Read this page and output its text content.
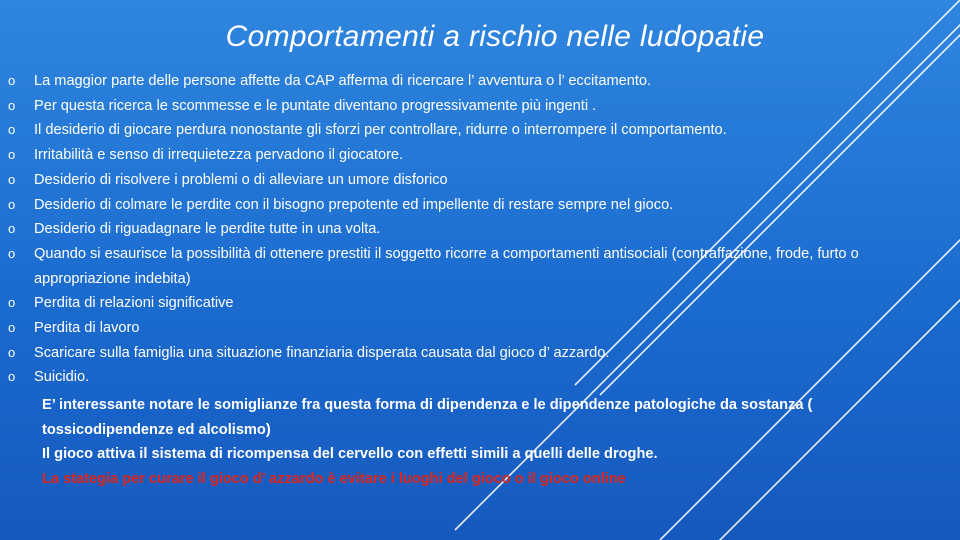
Comportamenti a rischio nelle ludopatie
o La maggior parte delle persone affette da CAP afferma di ricercare l’ avventura o l’ eccitamento.
o Per questa ricerca le scommesse e le puntate diventano progressivamente più ingenti .
o Il desiderio di giocare perdura nonostante gli sforzi per controllare, ridurre o interrompere il comportamento.
o Irritabilità e senso di irrequietezza pervadono il giocatore.
o Desiderio di risolvere i problemi o di alleviare un umore disforico
o Desiderio di colmare le perdite con il bisogno prepotente ed impellente di restare sempre nel gioco.
o Desiderio di riguadagnare le perdite tutte in una volta.
o Quando si esaurisce la possibilità di ottenere prestiti il soggetto ricorre a comportamenti antisociali (contraffazione, frode, furto o appropriazione indebita)
o Perdita di relazioni significative
o Perdita di lavoro
o Scaricare sulla famiglia una situazione finanziaria disperata causata dal gioco d’ azzardo.
o Suicidio.

E’ interessante notare le somiglianze fra questa forma di dipendenza e le dipendenze patologiche da sostanza ( tossicodipendenze ed alcolismo)

Il gioco attiva il sistema di ricompensa del cervello con effetti simili a quelli delle droghe.

La stategia per curare il gioco d’ azzardo è evitare i luoghi del gioco o il gioco online
